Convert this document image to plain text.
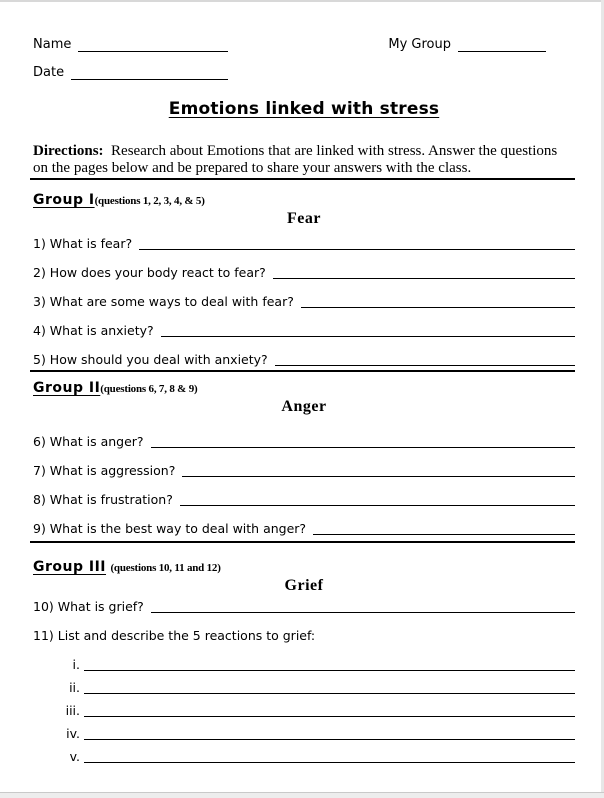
Name	My Group
Date
Emotions linked with stress
Directions: Research about Emotions that are linked with stress. Answer the questions
on the pages below and be prepared to share your answers with the class.
Group I(questions 1, 2, 3, 4, & 5)
Fear
1) What is fear?
2) How does your body react to fear?
3) What are some ways to deal with fear?
4) What is anxiety?
5) How should you deal with anxiety?
Group II(questions 6, 7, 8 & 9)
Anger
6) What is anger?
7) What is aggression?
8) What is frustration?
9) What is the best way to deal with anger?
Group III (questions 10, 11 and 12)
Grief
10) What is grief?
11) List and describe the 5 reactions to grief:
i.
ii.
iii.
iv.
v.
